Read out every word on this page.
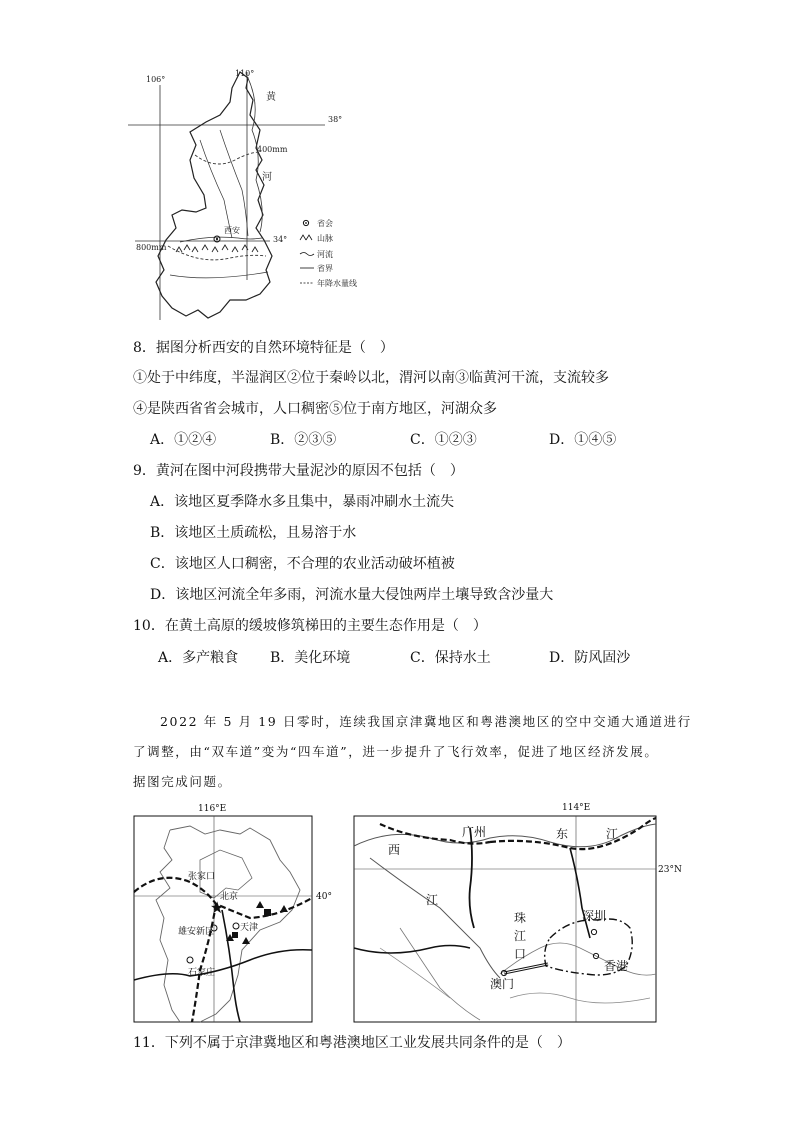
106°
110°
38°
34°
黄
河
400mm
800mm
西安
省会
山脉
河流
省界
年降水量线
8．据图分析西安的自然环境特征是（　）
①处于中纬度，半湿润区②位于秦岭以北，渭河以南③临黄河干流，支流较多
④是陕西省省会城市，人口稠密⑤位于南方地区，河湖众多
A．①②④	B．②③⑤	C．①②③	D．①④⑤
9．黄河在图中河段携带大量泥沙的原因不包括（　）
A．该地区夏季降水多且集中，暴雨冲刷水土流失
B．该地区土质疏松，且易溶于水
C．该地区人口稠密，不合理的农业活动破坏植被
D．该地区河流全年多雨，河流水量大侵蚀两岸土壤导致含沙量大
10．在黄土高原的缓坡修筑梯田的主要生态作用是（　）
A．多产粮食 B．美化环境	C．保持水土	D．防风固沙
2022 年 5 月 19 日零时，连续我国京津冀地区和粤港澳地区的空中交通大通道进行
了调整，由“双车道”变为“四车道”，进一步提升了飞行效率，促进了地区经济发展。
据图完成问题。
116°E
40°
★
张家口
北京
天津
雄安新区
石家庄
114°E
23°N
广州	东	江
西
江
珠
江
口
深圳
香港
澳门
11．下列不属于京津冀地区和粤港澳地区工业发展共同条件的是（　）
